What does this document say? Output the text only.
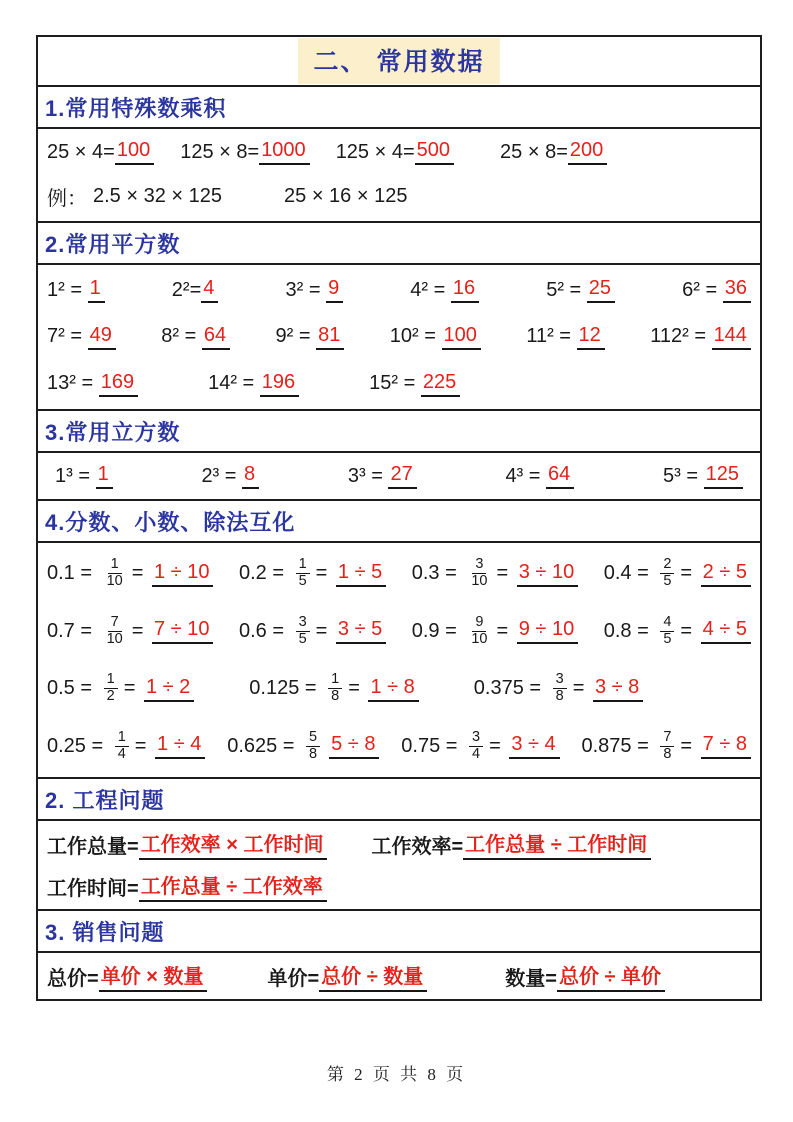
二、 常用数据
1.常用特殊数乘积
25 × 4= 100 125 × 8= 1000 125 × 4= 500	25 × 8= 200
例： 2.5 × 32 × 125	25 × 16 × 125
2.常用平方数
1² = 1	2²= 4	3² = 9	4² = 16	5² = 25	6² = 36
7² = 49 8² = 64 9² = 81 10² = 100 11² = 12 112² = 144
13² = 169	14² = 196	15² = 225
3.常用立方数
1³ = 1	2³ = 8	3³ = 27	4³ = 64	5³ = 125
4.分数、小数、除法互化
$0.1 = \frac{1}{10} = 1 \div 10$ $0.2 = \frac{1}{5} = 1 \div 5$ $0.3 = \frac{3}{10} = 3 \div 10$ $0.4 = \frac{2}{5} = 2 \div 5$
$0.7 = \frac{7}{10} = 7 \div 10$ $0.6 = \frac{3}{5} = 3 \div 5$ $0.9 = \frac{9}{10} = 9 \div 10$ $0.8 = \frac{4}{5} = 4 \div 5$
$0.5 = \frac{1}{2} = 1 \div 2$	$0.125 = \frac{1}{8} = 1 \div 8$	$0.375 = \frac{3}{8} = 3 \div 8$
$0.25 = \frac{1}{4} = 1 \div 4$ $0.625 = \frac{5}{8} 5 \div 8$ $0.75 = \frac{3}{4} = 3 \div 4$ $0.875 = \frac{7}{8} = 7 \div 8$
2. 工程问题
工作总量= 工作效率 × 工作时间 工作效率= 工作总量 ÷ 工作时间
工作时间= 工作总量 ÷ 工作效率
3. 销售问题
总价= 单价 × 数量	单价= 总价 ÷ 数量	数量= 总价 ÷ 单价
第 2 页 共 8 页
